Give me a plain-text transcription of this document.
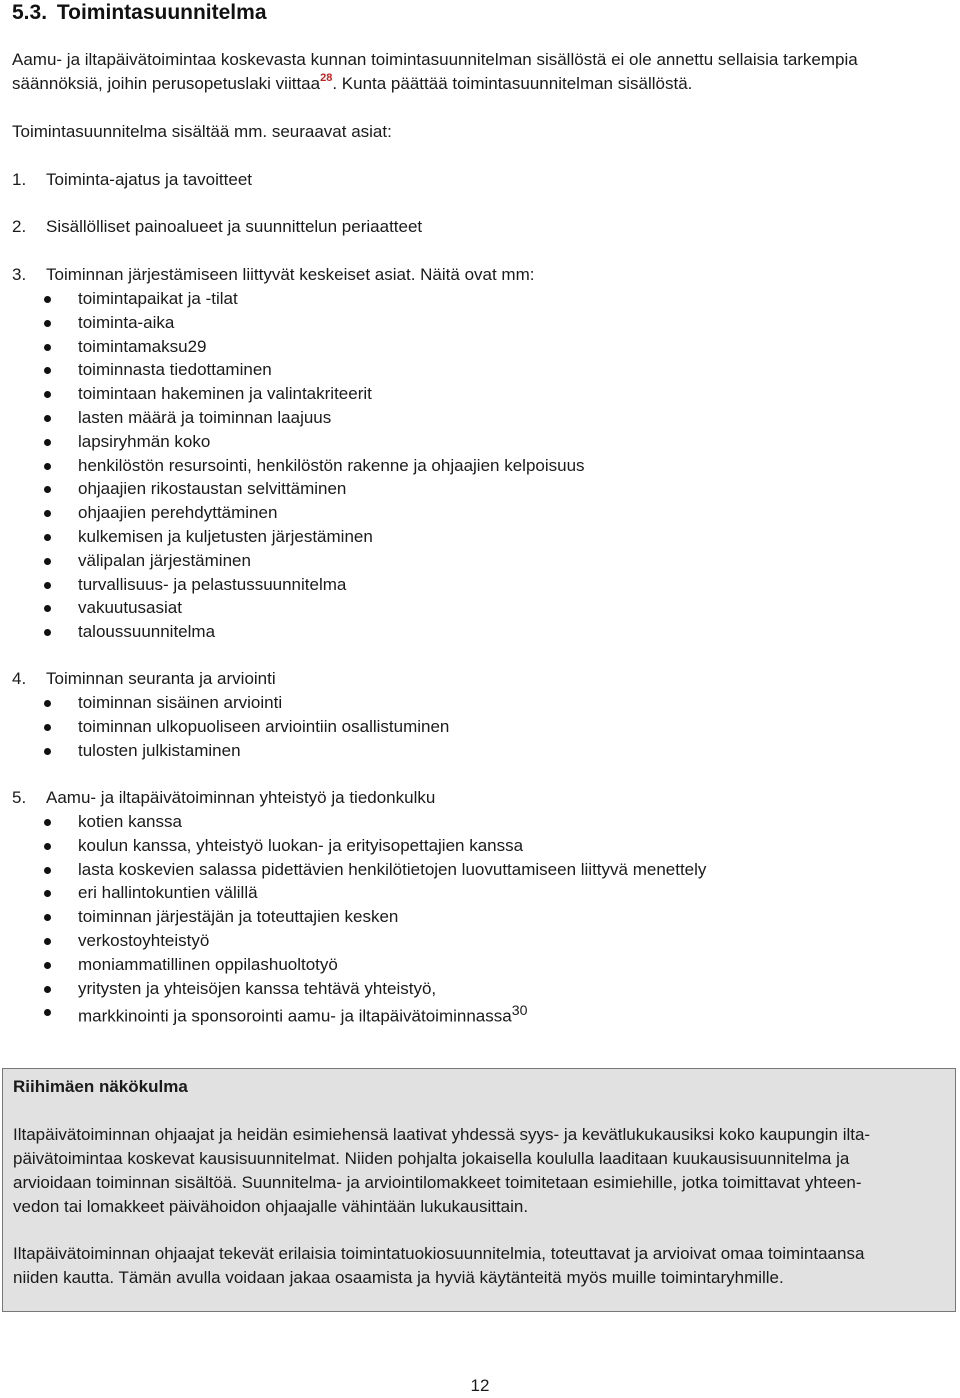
5.3. Toimintasuunnitelma
Aamu- ja iltapäivätoimintaa koskevasta kunnan toimintasuunnitelman sisällöstä ei ole annettu sellaisia tarkempia säännöksiä, joihin perusopetuslaki viittaa$^{28}$. Kunta päättää toimintasuunnitelman sisällöstä.
Toimintasuunnitelma sisältää mm. seuraavat asiat:
1. Toiminta-ajatus ja tavoitteet
2. Sisällölliset painoalueet ja suunnittelun periaatteet
3. Toiminnan järjestämiseen liittyvät keskeiset asiat. Näitä ovat mm:
toimintapaikat ja -tilat
toiminta-aika
toimintamaksu29
toiminnasta tiedottaminen
toimintaan hakeminen ja valintakriteerit
lasten määrä ja toiminnan laajuus
lapsiryhmän koko
henkilöstön resursointi, henkilöstön rakenne ja ohjaajien kelpoisuus
ohjaajien rikostaustan selvittäminen
ohjaajien perehdyttäminen
kulkemisen ja kuljetusten järjestäminen
välipalan järjestäminen
turvallisuus- ja pelastussuunnitelma
vakuutusasiat
taloussuunnitelma
4. Toiminnan seuranta ja arviointi
toiminnan sisäinen arviointi
toiminnan ulkopuoliseen arviointiin osallistuminen
tulosten julkistaminen
5. Aamu- ja iltapäivätoiminnan yhteistyö ja tiedonkulku
kotien kanssa
koulun kanssa, yhteistyö luokan- ja erityisopettajien kanssa
lasta koskevien salassa pidettävien henkilötietojen luovuttamiseen liittyvä menettely
eri hallintokuntien välillä
toiminnan järjestäjän ja toteuttajien kesken
verkostoyhteistyö
moniammatillinen oppilashuoltotyö
yritysten ja yhteisöjen kanssa tehtävä yhteistyö,
markkinointi ja sponsorointi aamu- ja iltapäivätoiminnassa$^{30}$
Riihimäen näkökulma
Iltapäivätoiminnan ohjaajat ja heidän esimiehensä laativat yhdessä syys- ja kevätlukukausiksi koko kaupungin ilta-
päivätoimintaa koskevat kausisuunnitelmat. Niiden pohjalta jokaisella koululla laaditaan kuukausisuunnitelma ja
arvioidaan toiminnan sisältöä. Suunnitelma- ja arviointilomakkeet toimitetaan esimiehille, jotka toimittavat yhteen-
vedon tai lomakkeet päivähoidon ohjaajalle vähintään lukukausittain.
Iltapäivätoiminnan ohjaajat tekevät erilaisia toimintatuokiosuunnitelmia, toteuttavat ja arvioivat omaa toimintaansa
niiden kautta. Tämän avulla voidaan jakaa osaamista ja hyviä käytänteitä myös muille toimintaryhmille.
12
